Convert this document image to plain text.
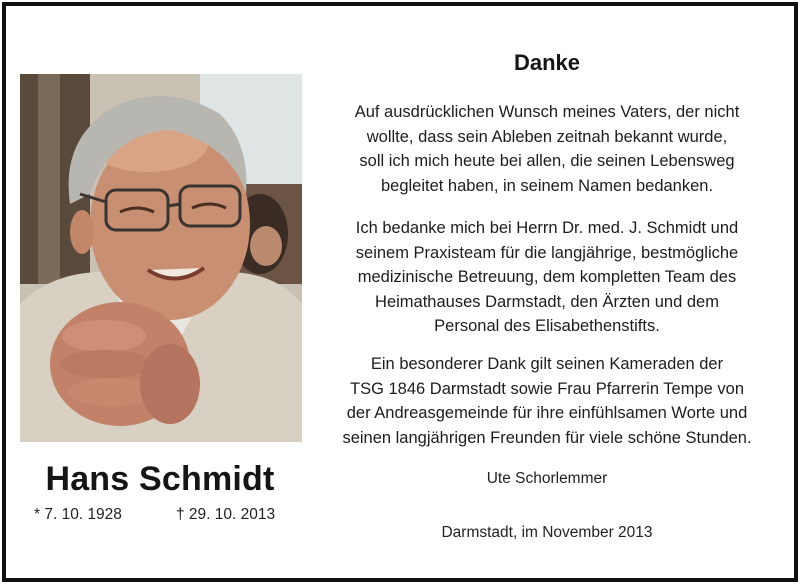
Hans Schmidt
* 7. 10. 1928	† 29. 10. 2013
Danke

Auf ausdrücklichen Wunsch meines Vaters, der nicht
wollte, dass sein Ableben zeitnah bekannt wurde,
soll ich mich heute bei allen, die seinen Lebensweg
begleitet haben, in seinem Namen bedanken.

Ich bedanke mich bei Herrn Dr. med. J. Schmidt und
seinem Praxisteam für die langjährige, bestmögliche
medizinische Betreuung, dem kompletten Team des
Heimathauses Darmstadt, den Ärzten und dem
Personal des Elisabethenstifts.

Ein besonderer Dank gilt seinen Kameraden der
TSG 1846 Darmstadt sowie Frau Pfarrerin Tempe von
der Andreasgemeinde für ihre einfühlsamen Worte und
seinen langjährigen Freunden für viele schöne Stunden.

Ute Schorlemmer
Darmstadt, im November 2013
